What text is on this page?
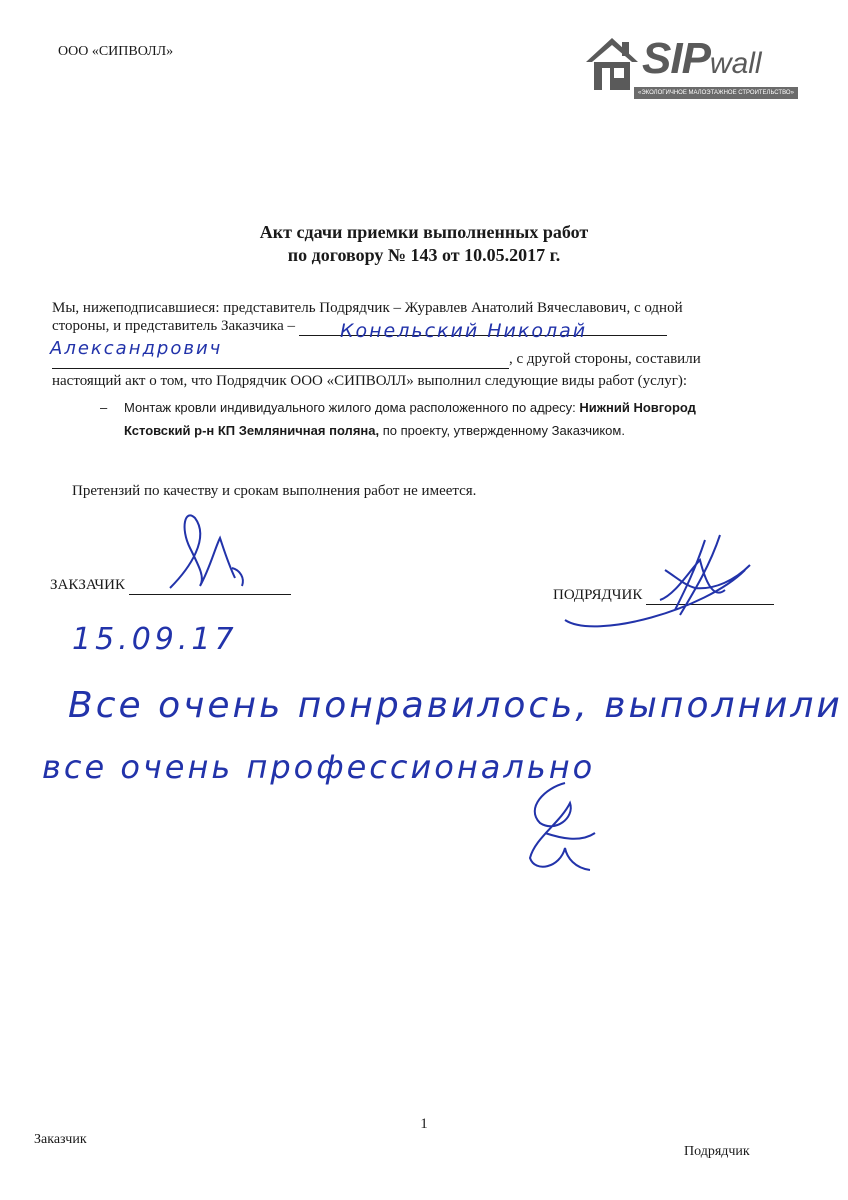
ООО «СИПВОЛЛ»	SIPwall
«ЭКОЛОГИЧНОЕ МАЛОЭТАЖНОЕ СТРОИТЕЛЬСТВО»
Акт сдачи приемки выполненных работ
по договору № 143 от 10.05.2017 г.
Мы, нижеподписавшиеся: представитель Подрядчик – Журавлев Анатолий Вячеславович, с одной
стороны, и представитель Заказчика –
, с другой стороны, составили
настоящий акт о том, что Подрядчик ООО «СИПВОЛЛ» выполнил следующие виды работ (услуг):
Конельский Николай
Александрович
– Монтаж кровли индивидуального жилого дома расположенного по адресу: Нижний Новгород
Кстовский р-н КП Земляничная поляна, по проекту, утвержденному Заказчиком.
Претензий по качеству и срокам выполнения работ не имеется.
ЗАКЗАЧИК
ПОДРЯДЧИК
15.09.17
Все очень понравилось, выполнили
все очень профессионально
1
Заказчик
Подрядчик
